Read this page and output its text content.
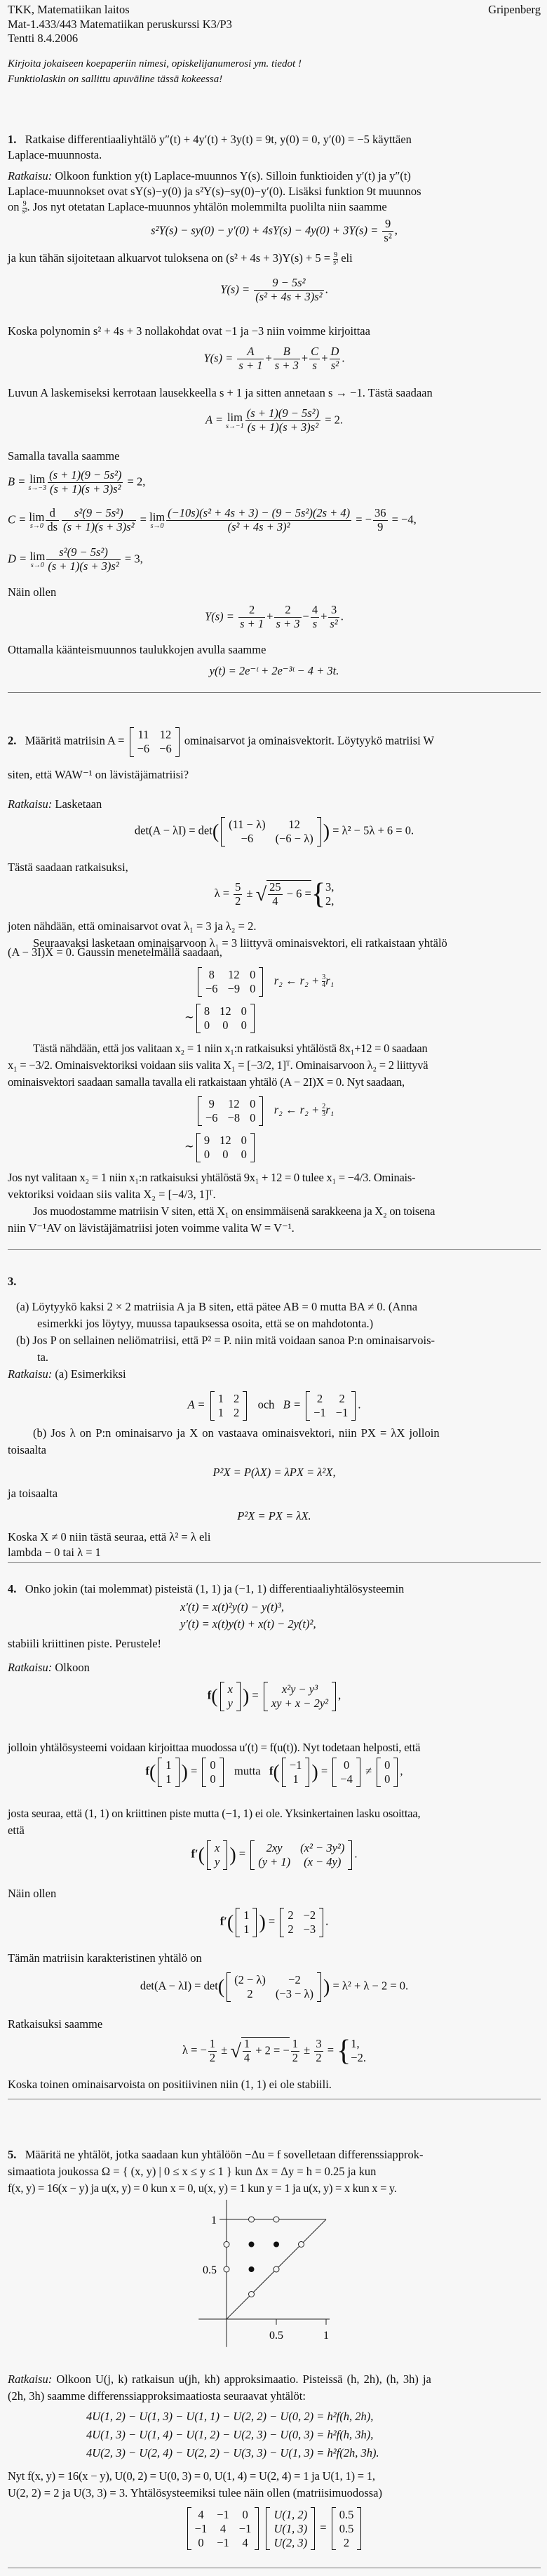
TKK, Matematiikan laitos	Gripenberg
Mat-1.433/443 Matematiikan peruskurssi K3/P3
Tentti 8.4.2006
Kirjoita jokaiseen koepaperiin nimesi, opiskelijanumerosi ym. tiedot !
Funktiolaskin on sallittu apuväline tässä kokeessa!
1. Ratkaise differentiaaliyhtälö y″(t) + 4y′(t) + 3y(t) = 9t, y(0) = 0, y′(0) = −5 käyttäen
Laplace-muunnosta.
Ratkaisu: Olkoon funktion y(t) Laplace-muunnos Y(s). Silloin funktioiden y′(t) ja y″(t)
Laplace-muunnokset ovat sY(s)−y(0) ja s²Y(s)−sy(0)−y′(0). Lisäksi funktion 9t muunnos
on $\frac{9}{\text{s²}}$ . Jos nyt otetatan Laplace-muunnos yhtälön molemmilta puolilta niin saamme
$s^2Y(s) - sy(0) - y'(0) + 4sY(s) - 4y(0) + 3Y(s) = \frac{9}{\text{s²}}$ ,
ja kun tähän sijoitetaan alkuarvot tuloksena on $(s^2 + 4s + 3)Y(s) + 5 = \frac{9}{\text{s²}}$ eli
$Y(s) = \frac{\text{9 − 5s²}}{\text{(s² + 4s + 3)s²}}$ .
Koska polynomin s² + 4s + 3 nollakohdat ovat −1 ja −3 niin voimme kirjoittaa
$Y(s) = \frac{A}{s + 1} + \frac{B}{s + 3} + \frac{C}{s} + \frac{D}{\text{s²}}$ .
Luvun A laskemiseksi kerrotaan lausekkeella s + 1 ja sitten annetaan s → −1. Tästä saadaan
A = lim
$s\to-1 \frac{\text{(s + 1)(9 − 5s²)}}{\text{(s + 1)(s + 3)s²}} = 2$.
Samalla tavalla saamme
B = lim
$s\to-3 \frac{\text{(s + 1)(9 − 5s²)}}{\text{(s + 1)(s + 3)s²}} = 2$,
C = lim
$s\to 0 \frac{d}{ds} \frac{\text{s²(9 − 5s²)}}{\text{(s + 1)(s + 3)s²}} = \lim$
$s\to 0 \frac{\text{(−10s)(s² + 4s + 3) − (9 − 5s²)(2s + 4)}}{\text{(s² + 4s + 3)²}}$ = − $\frac{36}{9} = -4$,
D = lim
$s\to 0 \frac{\text{s²(9 − 5s²)}}{\text{(s + 1)(s + 3)s²}} = 3$,
Näin ollen
$Y(s) = \frac{2}{s + 1} + \frac{2}{s + 3} - \frac{4}{s} + \frac{3}{\text{s²}}$ .
Ottamalla käänteismuunnos taulukkojen avulla saamme
y(t) = 2e⁻ᵗ + 2e⁻³ᵗ − 4 + 3t.
2. Määritä matriisin A = 11	12
−6	−6
ominaisarvot ja ominaisvektorit. Löytyykö matriisi W
siten, että WAW⁻¹ on lävistäjämatriisi?
Ratkaisu: Lasketaan
det(A − λI) = det( (11 − λ)	12
−6	(−6 − λ) ) = λ² − 5λ + 6 = 0.
Tästä saadaan ratkaisuksi,
$\lambda = \frac{5}{2}$ ± √ $\frac{25}{4} - 6$ ={ 3,
2,
joten nähdään, että ominaisarvot ovat λ₁ = 3 ja λ₂ = 2.
Seuraavaksi lasketaan ominaisarvoon λ₁ = 3 liittyvä ominaisvektori, eli ratkaistaan yhtälö
(A − 3I)X = 0. Gaussin menetelmällä saadaan,
8	12	0
−6	−9	0
r₂ ← $r_2 + \frac{3}{4} r_1$
∼ 8	12	0
0	0	0

Tästä nähdään, että jos valitaan x₂ = 1 niin x₁:n ratkaisuksi yhtälöstä 8x₁+12 = 0 saadaan
x₁ = −3/2. Ominaisvektoriksi voidaan siis valita X₁ = [−3/2, 1]ᵀ. Ominaisarvoon λ₂ = 2 liittyvä
ominaisvektori saadaan samalla tavalla eli ratkaistaan yhtälö (A − 2I)X = 0. Nyt saadaan,
9	12	0
−6	−8	0
r₂ ← $r_2 + \frac{2}{3} r_1$
∼ 9	12	0
0	0	0

Jos nyt valitaan x₂ = 1 niin x₁:n ratkaisuksi yhtälöstä 9x₁ + 12 = 0 tulee x₁ = −4/3. Ominais-
vektoriksi voidaan siis valita X₂ = [−4/3, 1]ᵀ.
Jos muodostamme matriisin V siten, että X₁ on ensimmäisenä sarakkeena ja X₂ on toisena
niin V⁻¹AV on lävistäjämatriisi joten voimme valita W = V⁻¹.
3.
(a) Löytyykö kaksi 2 × 2 matriisia A ja B siten, että pätee AB = 0 mutta BA ≠ 0. (Anna
esimerkki jos löytyy, muussa tapauksessa osoita, että se on mahdotonta.)
(b) Jos P on sellainen neliömatriisi, että P² = P. niin mitä voidaan sanoa P:n ominaisarvois-
ta.
Ratkaisu: (a) Esimerkiksi
A = 1	2
1	2
och B = 2	2
−1	−1
.
(b) Jos λ on P:n ominaisarvo ja X on vastaava ominaisvektori, niin PX = λX jolloin
toisaalta
P²X = P(λX) = λPX = λ²X,
ja toisaalta
P²X = PX = λX.
Koska X ≠ 0 niin tästä seuraa, että λ² = λ eli
lambda − 0 tai λ = 1
4. Onko jokin (tai molemmat) pisteistä (1, 1) ja (−1, 1) differentiaaliyhtälösysteemin
x′(t) = x(t)²y(t) − y(t)³,
y′(t) = x(t)y(t) + x(t) − 2y(t)²,
stabiili kriittinen piste. Perustele!
Ratkaisu: Olkoon
f( x
y ) = x²y − y³
xy + x − 2y²
,
jolloin yhtälösysteemi voidaan kirjoittaa muodossa u′(t) = f(u(t)). Nyt todetaan helposti, että
f( 1
1 ) = 0
0
mutta f( −1
1 ) = 0
−4
≠ 0
0
,
josta seuraa, että (1, 1) on kriittinen piste mutta (−1, 1) ei ole. Yksinkertainen lasku osoittaa,
että
f′( x
y ) = 2xy	(x² − 3y²)
(y + 1)	(x − 4y)
.
Näin ollen
f′( 1
1 ) = 2	−2
2	−3
.
Tämän matriisin karakteristinen yhtälö on
det(A − λI) = det( (2 − λ)	−2
2	(−3 − λ) ) = λ² + λ − 2 = 0.
Ratkaisuksi saamme
λ = − $\frac{1}{2}$ ± √ $\frac{1}{4} + 2$ = − $\frac{1}{2} \pm \frac{3}{2}$ = { 1,
−2.
Koska toinen ominaisarvoista on positiivinen niin (1, 1) ei ole stabiili.
5. Määritä ne yhtälöt, jotka saadaan kun yhtälöön −Δu = f sovelletaan differenssiapprok-
simaatiota joukossa Ω = { (x, y) | 0 ≤ x ≤ y ≤ 1 } kun Δx = Δy = h = 0.25 ja kun
f(x, y) = 16(x − y) ja u(x, y) = 0 kun x = 0, u(x, y) = 1 kun y = 1 ja u(x, y) = x kun x = y.
1
0.5
0.5	1
Ratkaisu: Olkoon U(j, k) ratkaisun u(jh, kh) approksimaatio. Pisteissä (h, 2h), (h, 3h) ja
(2h, 3h) saamme differenssiapproksimaatiosta seuraavat yhtälöt:
4U(1, 2) − U(1, 3) − U(1, 1) − U(2, 2) − U(0, 2) = h²f(h, 2h),
4U(1, 3) − U(1, 4) − U(1, 2) − U(2, 3) − U(0, 3) = h²f(h, 3h),
4U(2, 3) − U(2, 4) − U(2, 2) − U(3, 3) − U(1, 3) = h²f(2h, 3h).
Nyt f(x, y) = 16(x − y), U(0, 2) = U(0, 3) = 0, U(1, 4) = U(2, 4) = 1 ja U(1, 1) = 1,
U(2, 2) = 2 ja U(3, 3) = 3. Yhtälösysteemiksi tulee näin ollen (matriisimuodossa)
4	−1	0
−1	4	−1
0	−1	4
U(1, 2)
U(1, 3)
U(2, 3)
= 0.5
0.5
2
